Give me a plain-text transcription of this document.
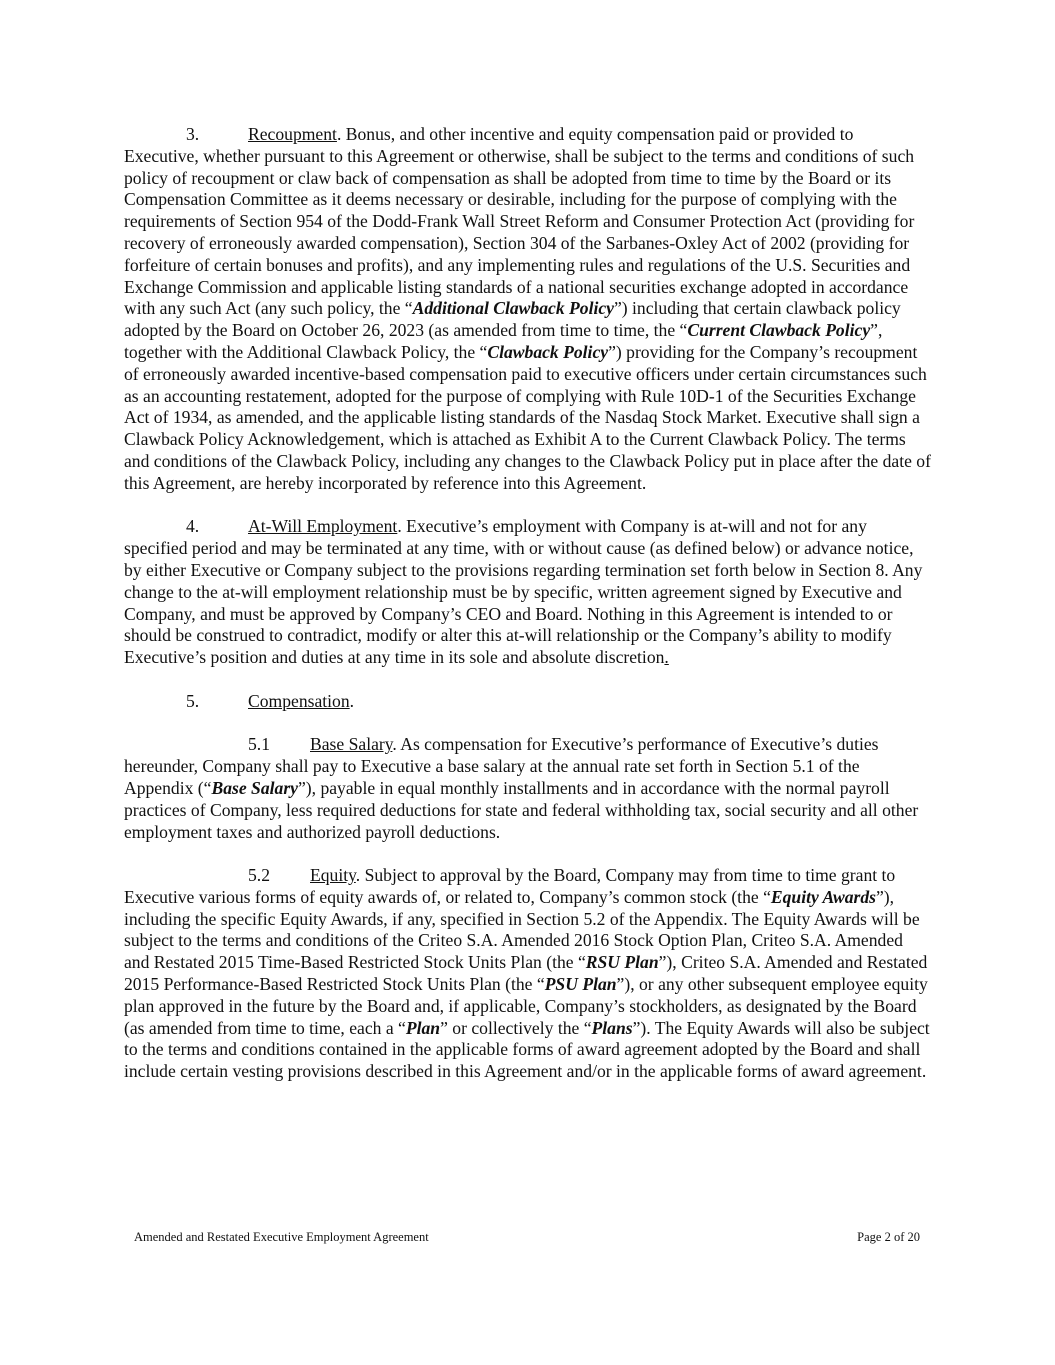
3.	Recoupment. Bonus, and other incentive and equity compensation paid or provided to Executive, whether pursuant to this Agreement or otherwise, shall be subject to the terms and conditions of such policy of recoupment or claw back of compensation as shall be adopted from time to time by the Board or its Compensation Committee as it deems necessary or desirable, including for the purpose of complying with the requirements of Section 954 of the Dodd-Frank Wall Street Reform and Consumer Protection Act (providing for recovery of erroneously awarded compensation), Section 304 of the Sarbanes-Oxley Act of 2002 (providing for forfeiture of certain bonuses and profits), and any implementing rules and regulations of the U.S. Securities and Exchange Commission and applicable listing standards of a national securities exchange adopted in accordance with any such Act (any such policy, the “Additional Clawback Policy”) including that certain clawback policy adopted by the Board on October 26, 2023 (as amended from time to time, the “Current Clawback Policy”, together with the Additional Clawback Policy, the “Clawback Policy”) providing for the Company’s recoupment of erroneously awarded incentive-based compensation paid to executive officers under certain circumstances such as an accounting restatement, adopted for the purpose of complying with Rule 10D-1 of the Securities Exchange Act of 1934, as amended, and the applicable listing standards of the Nasdaq Stock Market. Executive shall sign a Clawback Policy Acknowledgement, which is attached as Exhibit A to the Current Clawback Policy. The terms and conditions of the Clawback Policy, including any changes to the Clawback Policy put in place after the date of this Agreement, are hereby incorporated by reference into this Agreement.

4.	At-Will Employment. Executive’s employment with Company is at-will and not for any specified period and may be terminated at any time, with or without cause (as defined below) or advance notice, by either Executive or Company subject to the provisions regarding termination set forth below in Section 8. Any change to the at-will employment relationship must be by specific, written agreement signed by Executive and Company, and must be approved by Company’s CEO and Board. Nothing in this Agreement is intended to or should be construed to contradict, modify or alter this at-will relationship or the Company’s ability to modify Executive’s position and duties at any time in its sole and absolute discretion.

5.	Compensation.

5.1 Base Salary. As compensation for Executive’s performance of Executive’s duties hereunder, Company shall pay to Executive a base salary at the annual rate set forth in Section 5.1 of the Appendix (“Base Salary”), payable in equal monthly installments and in accordance with the normal payroll practices of Company, less required deductions for state and federal withholding tax, social security and all other employment taxes and authorized payroll deductions.

5.2 Equity. Subject to approval by the Board, Company may from time to time grant to Executive various forms of equity awards of, or related to, Company’s common stock (the “Equity Awards”), including the specific Equity Awards, if any, specified in Section 5.2 of the Appendix. The Equity Awards will be subject to the terms and conditions of the Criteo S.A. Amended 2016 Stock Option Plan, Criteo S.A. Amended and Restated 2015 Time-Based Restricted Stock Units Plan (the “RSU Plan”), Criteo S.A. Amended and Restated 2015 Performance-Based Restricted Stock Units Plan (the “PSU Plan”), or any other subsequent employee equity plan approved in the future by the Board and, if applicable, Company’s stockholders, as designated by the Board (as amended from time to time, each a “Plan” or collectively the “Plans”). The Equity Awards will also be subject to the terms and conditions contained in the applicable forms of award agreement adopted by the Board and shall include certain vesting provisions described in this Agreement and/or in the applicable forms of award agreement.

Amended and Restated Executive Employment Agreement	Page 2 of 20
